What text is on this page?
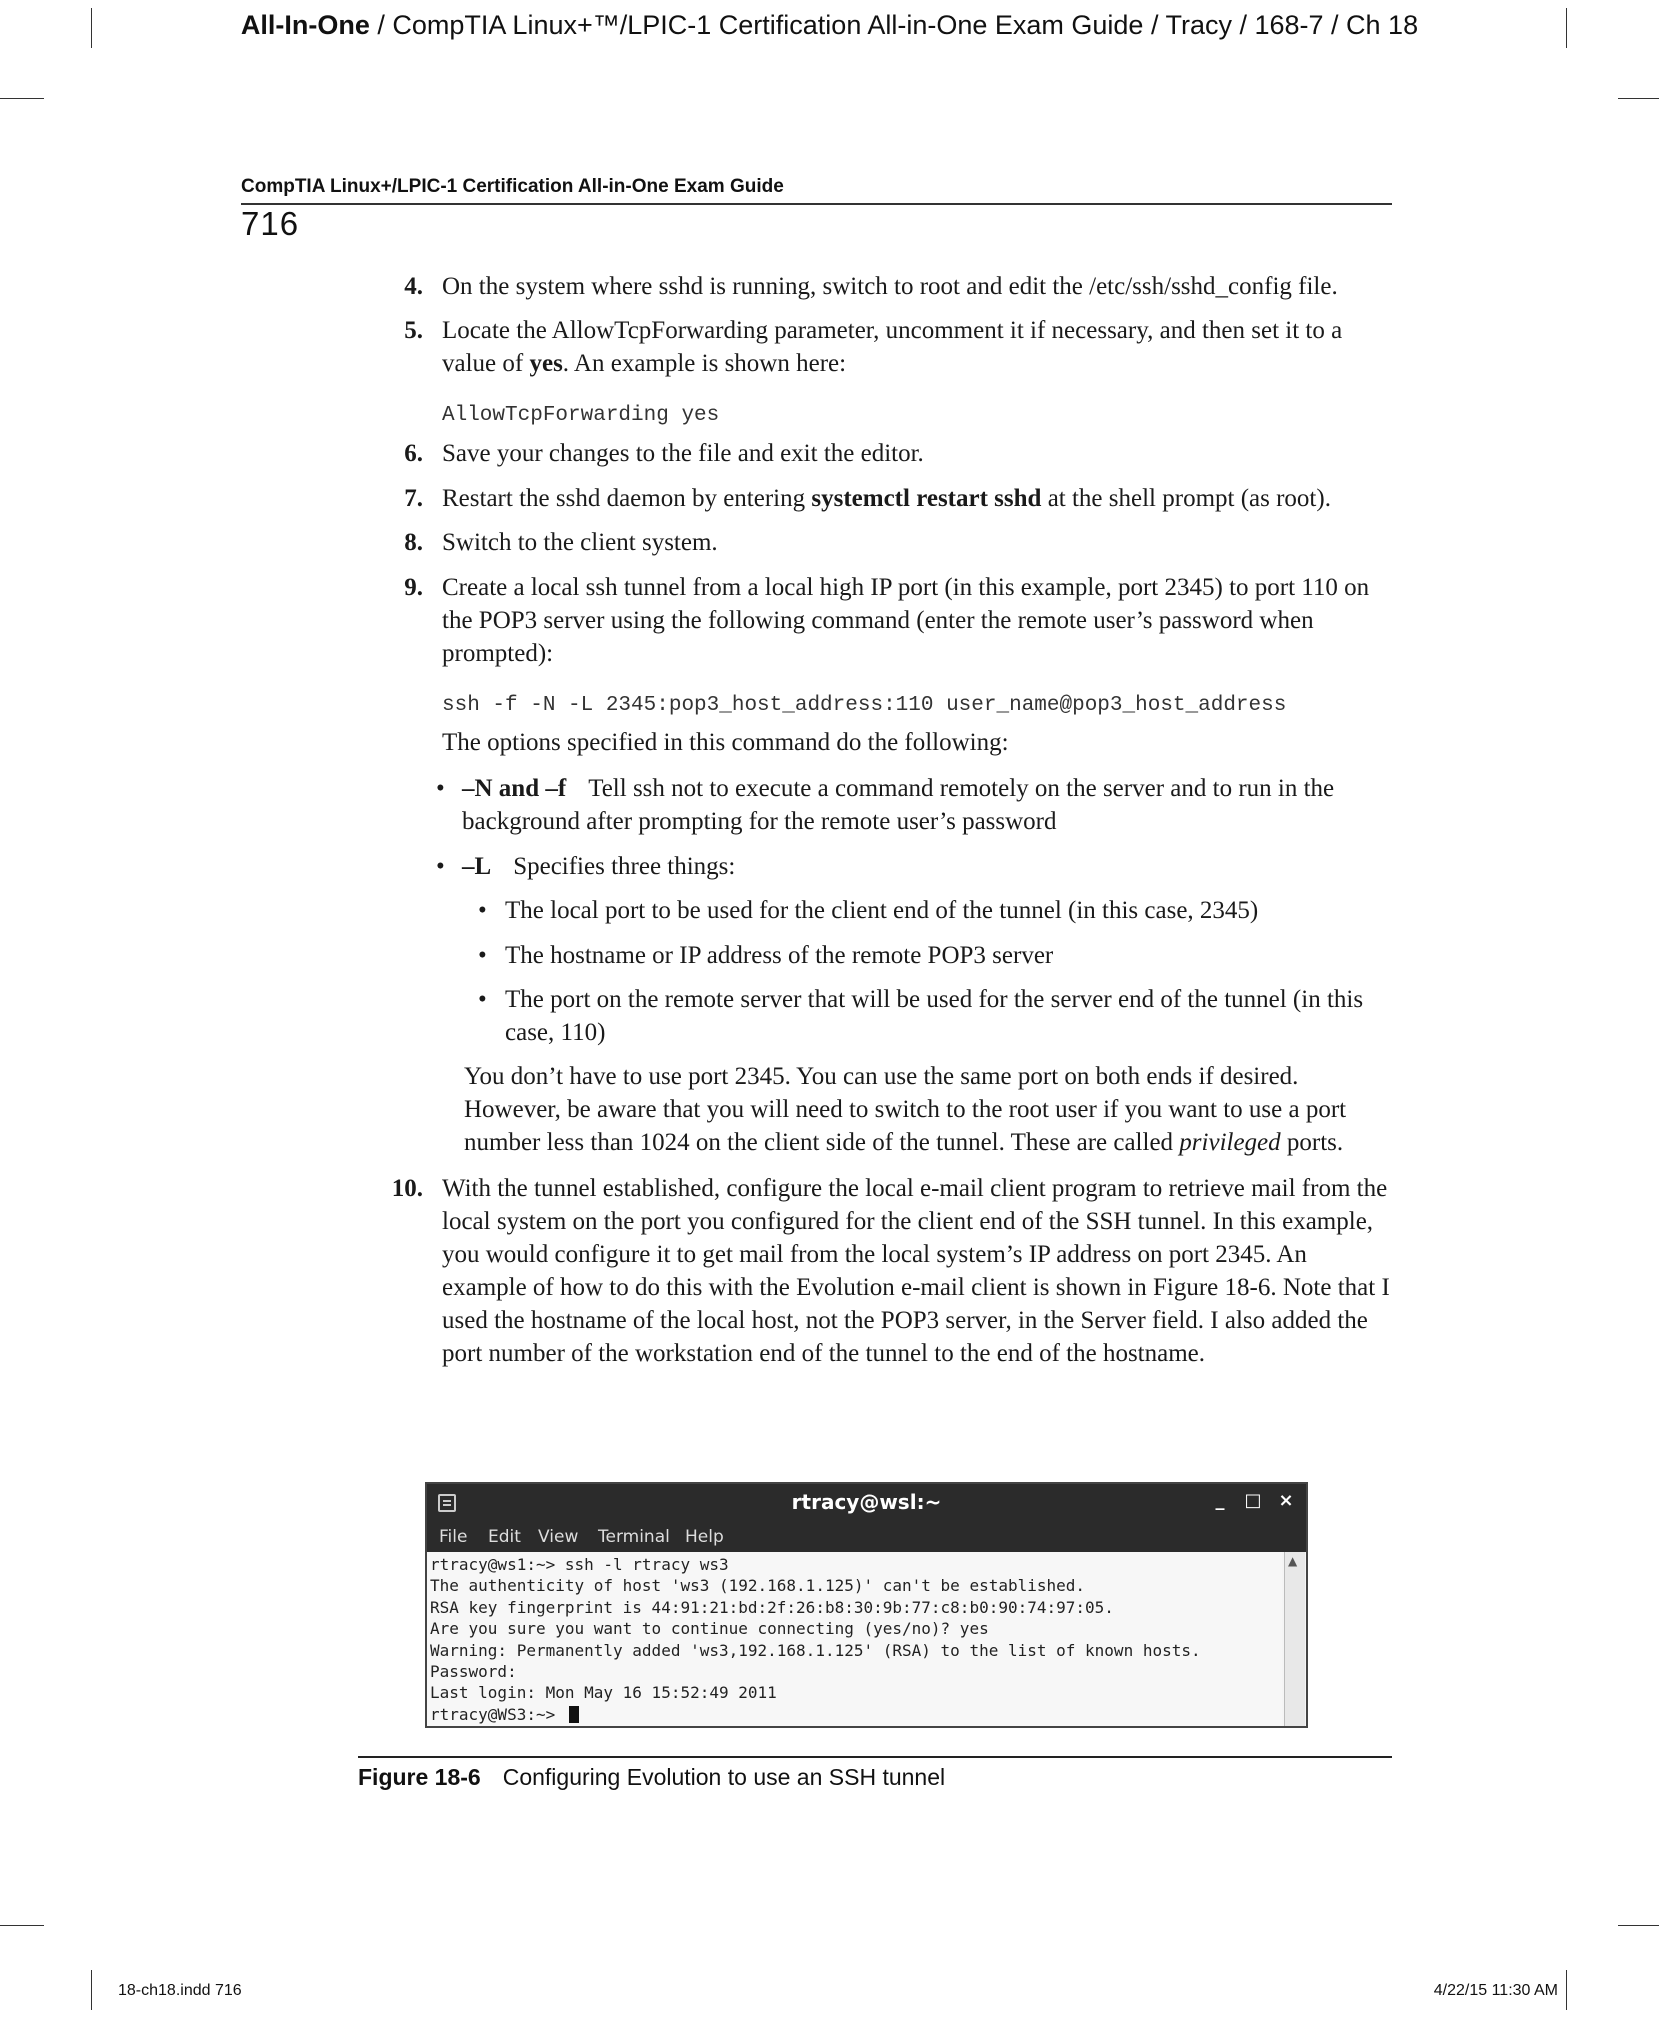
All-In-One / CompTIA Linux+™/LPIC-1 Certification All-in-One Exam Guide / Tracy / 168-7 / Ch 18
CompTIA Linux+/LPIC-1 Certification All-in-One Exam Guide
716
4. On the system where sshd is running, switch to root and edit the /etc/ssh/sshd_config file.
5. Locate the AllowTcpForwarding parameter, uncomment it if necessary, and then set it to a value of yes. An example is shown here:
AllowTcpForwarding yes
6. Save your changes to the file and exit the editor.
7. Restart the sshd daemon by entering systemctl restart sshd at the shell prompt (as root).
8. Switch to the client system.
9. Create a local ssh tunnel from a local high IP port (in this example, port 2345) to port 110 on the POP3 server using the following command (enter the remote user’s password when prompted):
ssh -f -N -L 2345:pop3_host_address:110 user_name@pop3_host_address
The options specified in this command do the following:
• –N and –f Tell ssh not to execute a command remotely on the server and to run in the background after prompting for the remote user’s password
• –L Specifies three things:
• The local port to be used for the client end of the tunnel (in this case, 2345)
• The hostname or IP address of the remote POP3 server
• The port on the remote server that will be used for the server end of the tunnel (in this case, 110)
You don’t have to use port 2345. You can use the same port on both ends if desired. However, be aware that you will need to switch to the root user if you want to use a port number less than 1024 on the client side of the tunnel. These are called privileged ports.
10. With the tunnel established, configure the local e-mail client program to retrieve mail from the local system on the port you configured for the client end of the SSH tunnel. In this example, you would configure it to get mail from the local system’s IP address on port 2345. An example of how to do this with the Evolution e-mail client is shown in Figure 18-6. Note that I used the hostname of the local host, not the POP3 server, in the Server field. I also added the port number of the workstation end of the tunnel to the end of the hostname.
rtracy@wsl:~	_	□ ×
File Edit View Terminal Help
rtracy@ws1:~> ssh -l rtracy ws3
The authenticity of host 'ws3 (192.168.1.125)' can't be established.
RSA key fingerprint is 44:91:21:bd:2f:26:b8:30:9b:77:c8:b0:90:74:97:05.
Are you sure you want to continue connecting (yes/no)? yes
Warning: Permanently added 'ws3,192.168.1.125' (RSA) to the list of known hosts.
Password:
Last login: Mon May 16 15:52:49 2011
rtracy@WS3:~>
▲
Figure 18-6 Configuring Evolution to use an SSH tunnel
18-ch18.indd 716	4/22/15 11:30 AM
